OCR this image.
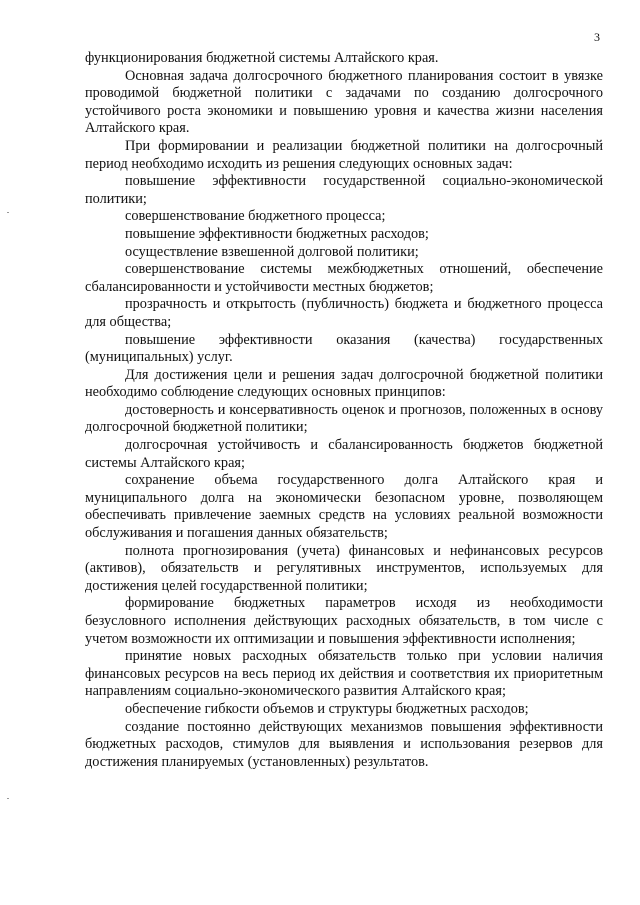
3

функционирования бюджетной системы Алтайского края.

Основная задача долгосрочного бюджетного планирования состоит в увязке проводимой бюджетной политики с задачами по созданию долгосрочного устойчивого роста экономики и повышению уровня и качества жизни населения Алтайского края.

При формировании и реализации бюджетной политики на долгосрочный период необходимо исходить из решения следующих основных задач:

повышение эффективности государственной социально-экономической политики;

совершенствование бюджетного процесса;

повышение эффективности бюджетных расходов;

осуществление взвешенной долговой политики;

совершенствование системы межбюджетных отношений, обеспечение сбалансированности и устойчивости местных бюджетов;

прозрачность и открытость (публичность) бюджета и бюджетного процесса для общества;

повышение эффективности оказания (качества) государственных (муниципальных) услуг.

Для достижения цели и решения задач долгосрочной бюджетной политики необходимо соблюдение следующих основных принципов:

достоверность и консервативность оценок и прогнозов, положенных в основу долгосрочной бюджетной политики;

долгосрочная устойчивость и сбалансированность бюджетов бюджетной системы Алтайского края;

сохранение объема государственного долга Алтайского края и муниципального долга на экономически безопасном уровне, позволяющем обеспечивать привлечение заемных средств на условиях реальной возможности обслуживания и погашения данных обязательств;

полнота прогнозирования (учета) финансовых и нефинансовых ресурсов (активов), обязательств и регулятивных инструментов, используемых для достижения целей государственной политики;

формирование бюджетных параметров исходя из необходимости безусловного исполнения действующих расходных обязательств, в том числе с учетом возможности их оптимизации и повышения эффективности исполнения;

принятие новых расходных обязательств только при условии наличия финансовых ресурсов на весь период их действия и соответствия их приоритетным направлениям социально-экономического развития Алтайского края;

обеспечение гибкости объемов и структуры бюджетных расходов;

создание постоянно действующих механизмов повышения эффективности бюджетных расходов, стимулов для выявления и использования резервов для достижения планируемых (установленных) результатов.
